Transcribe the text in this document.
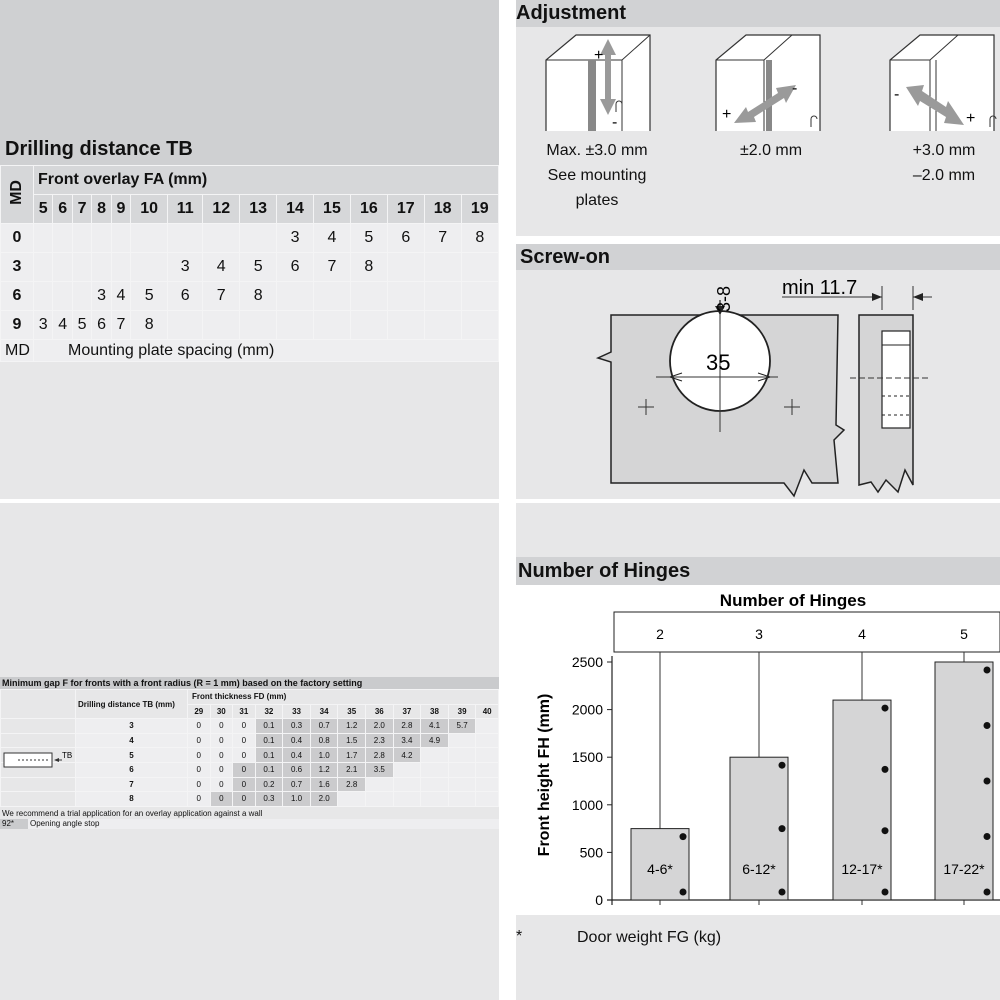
Drilling distance TB
MD	Front overlay FA (mm)														
	5	6	7	8	9	10	11	12	13	14	15	16	17	18	19
0										3	4	5	6	7	8
3							3	4	5	6	7	8			
6				3	4	5	6	7	8						
9	3	4	5	6	7	8									
MD	Mounting plate spacing (mm)														
Adjustment
+
-	+
-	-
+
Max. ±3.0 mm
See mounting
plates
±2.0 mm	+3.0 mm
–2.0 mm
Screw-on
35
3-8 min 11.7
Minimum gap F for fronts with a front radius (R = 1 mm) based on the factory setting
	Drilling distance TB (mm)	Front thickness FD (mm)											
		29	30	31	32	33	34	35	36	37	38	39	40
	3	0	0	0	0.1	0.3	0.7	1.2	2.0	2.8	4.1	5.7	
	4	0	0	0	0.1	0.4	0.8	1.5	2.3	3.4	4.9		
	5	0	0	0	0.1	0.4	1.0	1.7	2.8	4.2			
	6	0	0	0	0.1	0.6	1.2	2.1	3.5				
	7	0	0	0	0.2	0.7	1.6	2.8					
	8	0	0	0	0.3	1.0	2.0						
TB
We recommend a trial application for an overlay application against a wall
92*	Opening angle stop
Number of Hinges
Number of Hinges
Front height FH (mm)
0
500
1000
1500
2000
2500
2
4-6*
3
6-12*
4
12-17*
5
17-22*
*	Door weight FG (kg)
